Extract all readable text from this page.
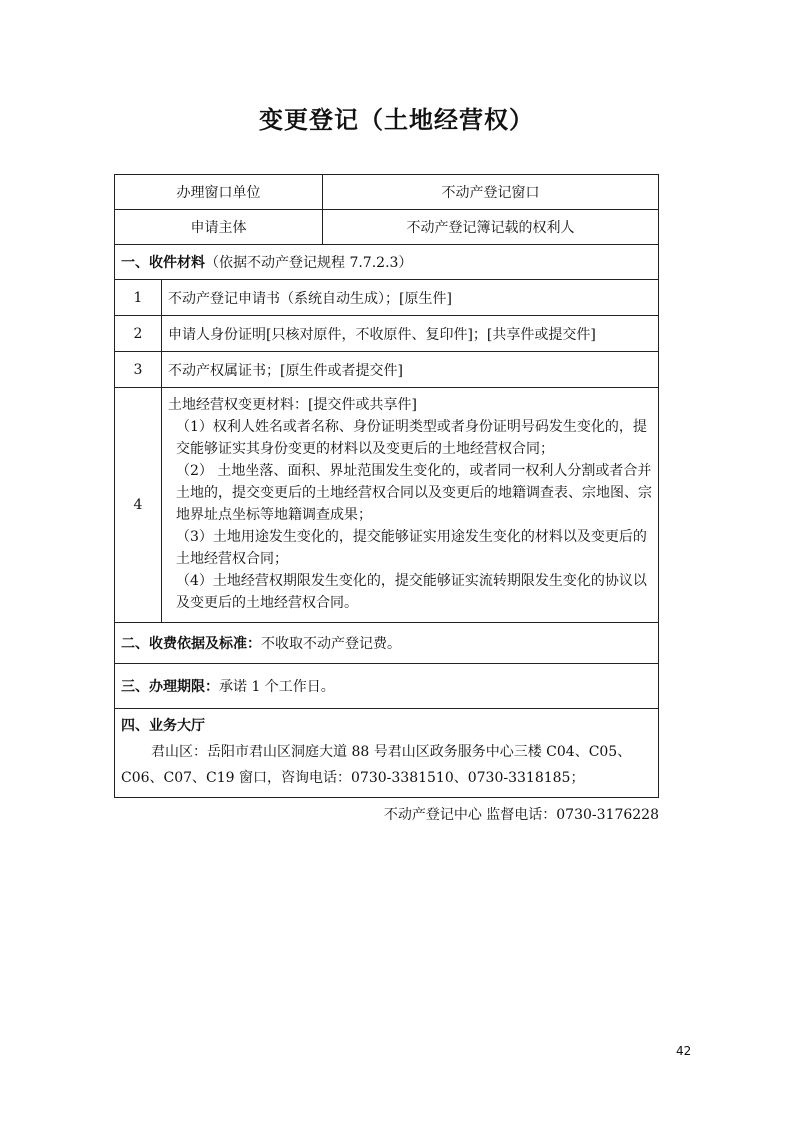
变更登记（土地经营权）
办理窗口单位		不动产登记窗口
申请主体		不动产登记簿记载的权利人
一、收件材料（依据不动产登记规程 7.7.2.3）		
1	不动产登记申请书（系统自动生成）；[原生件]	
2	申请人身份证明[只核对原件，不收原件、复印件]；[共享件或提交件]	
3	不动产权属证书；[原生件或者提交件]	
4	土地经营权变更材料：[提交件或共享件]
（1）权利人姓名或者名称、身份证明类型或者身份证明号码发生变化的，提交能够证实其身份变更的材料以及变更后的土地经营权合同；
（2） 土地坐落、面积、界址范围发生变化的，或者同一权利人分割或者合并土地的，提交变更后的土地经营权合同以及变更后的地籍调查表、宗地图、宗地界址点坐标等地籍调查成果；
（3）土地用途发生变化的，提交能够证实用途发生变化的材料以及变更后的土地经营权合同；
（4）土地经营权期限发生变化的，提交能够证实流转期限发生变化的协议以及变更后的土地经营权合同。	

二、收费依据及标准：不收取不动产登记费。		
三、办理期限：承诺 1 个工作日。		

四、业务大厅
君山区：岳阳市君山区洞庭大道 88 号君山区政务服务中心三楼 C04、C05、C06、C07、C19 窗口，咨询电话：0730-3381510、0730-3318185；		
不动产登记中心 监督电话：0730-3176228
42
